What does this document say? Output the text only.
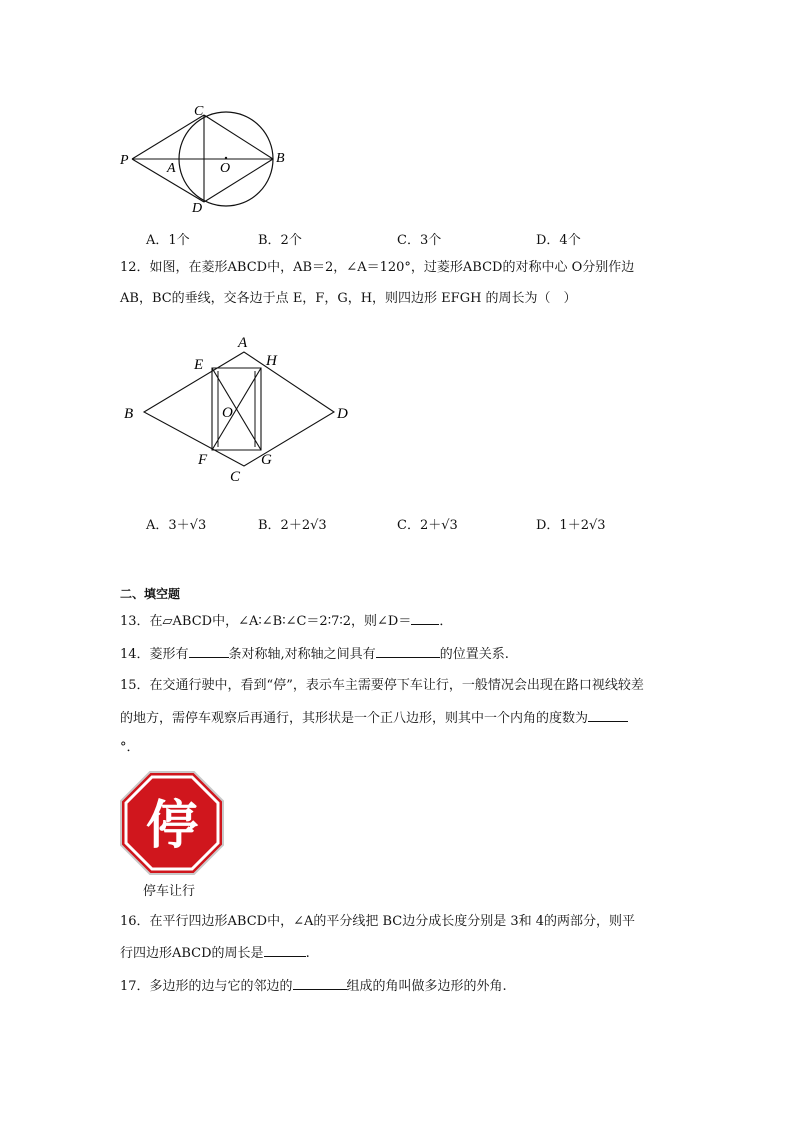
P
A	O
B
C
D
A．1个	B．2个	C．3个	D．4个
12．如图，在菱形ABCD中，AB＝2，∠A＝120°，过菱形ABCD的对称中心 O分别作边
AB，BC的垂线，交各边于点 E，F，G，H，则四边形 EFGH 的周长为（　）
A
B
C
D
E
F	G
H
O
A．3＋√3	B．2＋2√3	C．2＋√3	D．1＋2√3
二、填空题
13．在▱ABCD中，∠A∶∠B∶∠C＝2∶7∶2，则∠D＝ ．
14．菱形有	条对称轴,对称轴之间具有	的位置关系.
15．在交通行驶中，看到“停”，表示车主需要停下车让行，一般情况会出现在路口视线较差
的地方，需停车观察后再通行，其形状是一个正八边形，则其中一个内角的度数为
°．
停
停车让行
16．在平行四边形ABCD中，∠A的平分线把 BC边分成长度分别是 3和 4的两部分，则平
行四边形ABCD的周长是	.
17．多边形的边与它的邻边的	组成的角叫做多边形的外角.
